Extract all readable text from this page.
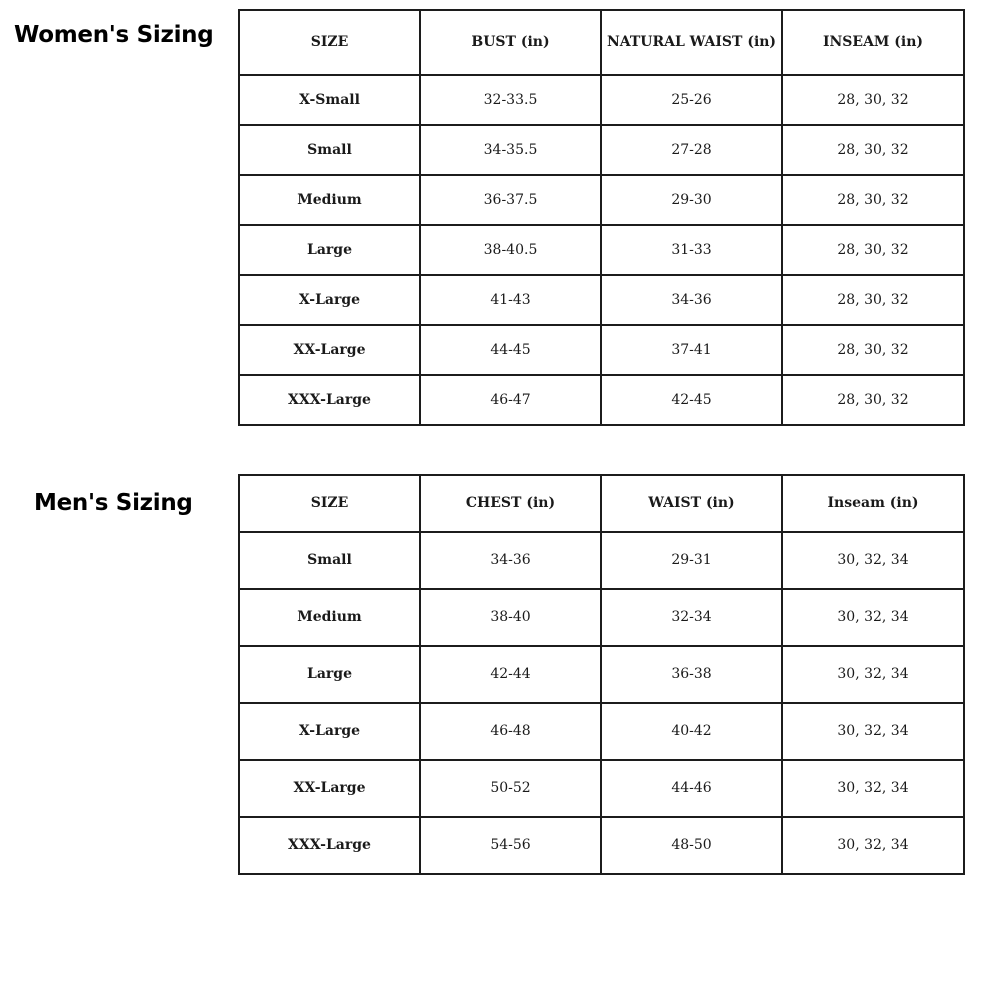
Women's Sizing	SIZE	BUST (in)	NATURAL WAIST (in)	INSEAM (in)
X-Small	32-33.5	25-26	28, 30, 32
Small	34-35.5	27-28	28, 30, 32
Medium	36-37.5	29-30	28, 30, 32
Large	38-40.5	31-33	28, 30, 32
X-Large	41-43	34-36	28, 30, 32
XX-Large	44-45	37-41	28, 30, 32
XXX-Large	46-47	42-45	28, 30, 32
Men's Sizing	SIZE	CHEST (in)	WAIST (in)	Inseam (in)
Small	34-36	29-31	30, 32, 34
Medium	38-40	32-34	30, 32, 34
Large	42-44	36-38	30, 32, 34
X-Large	46-48	40-42	30, 32, 34
XX-Large	50-52	44-46	30, 32, 34
XXX-Large	54-56	48-50	30, 32, 34
